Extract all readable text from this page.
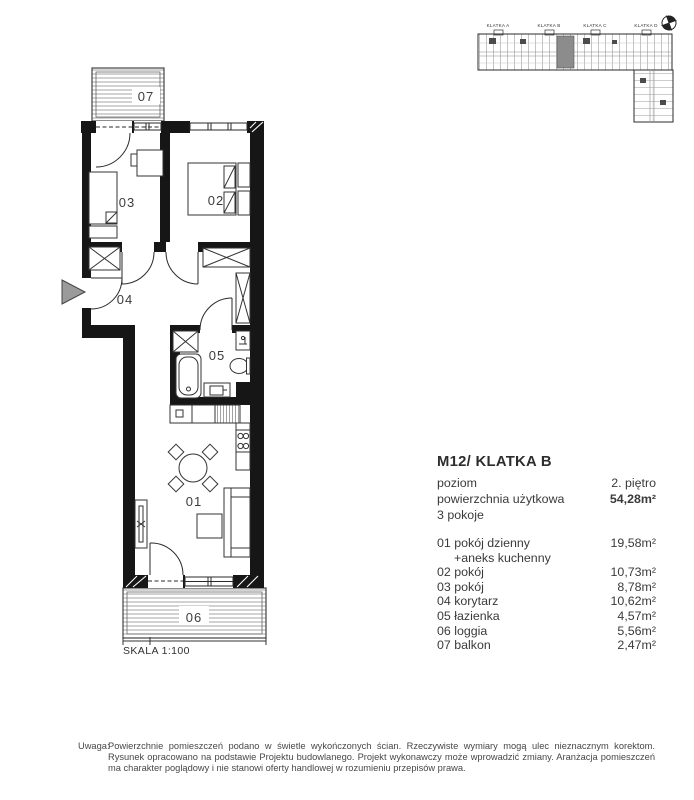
KLATKA A	KLATKA B	KLATKA C	KLATKA D
01
02
03
04
05
06
07
SKALA 1:100
M12/ KLATKA B
poziom	2. piętro
powierzchnia użytkowa	54,28m²
3 pokoje
01 pokój dzienny	19,58m²
+aneks kuchenny
02 pokój	10,73m²
03 pokój	8,78m²
04 korytarz	10,62m²
05 łazienka	4,57m²
06 loggia	5,56m²
07 balkon	2,47m²
Uwaga:
Powierzchnie pomieszczeń podano w świetle wykończonych ścian. Rzeczywiste wymiary mogą ulec nieznacznym korektom. Rysunek opracowano na podstawie Projektu budowlanego. Projekt wykonawczy może wprowadzić zmiany. Aranżacja pomieszczeń ma charakter poglądowy i nie stanowi oferty handlowej w rozumieniu przepisów prawa.
